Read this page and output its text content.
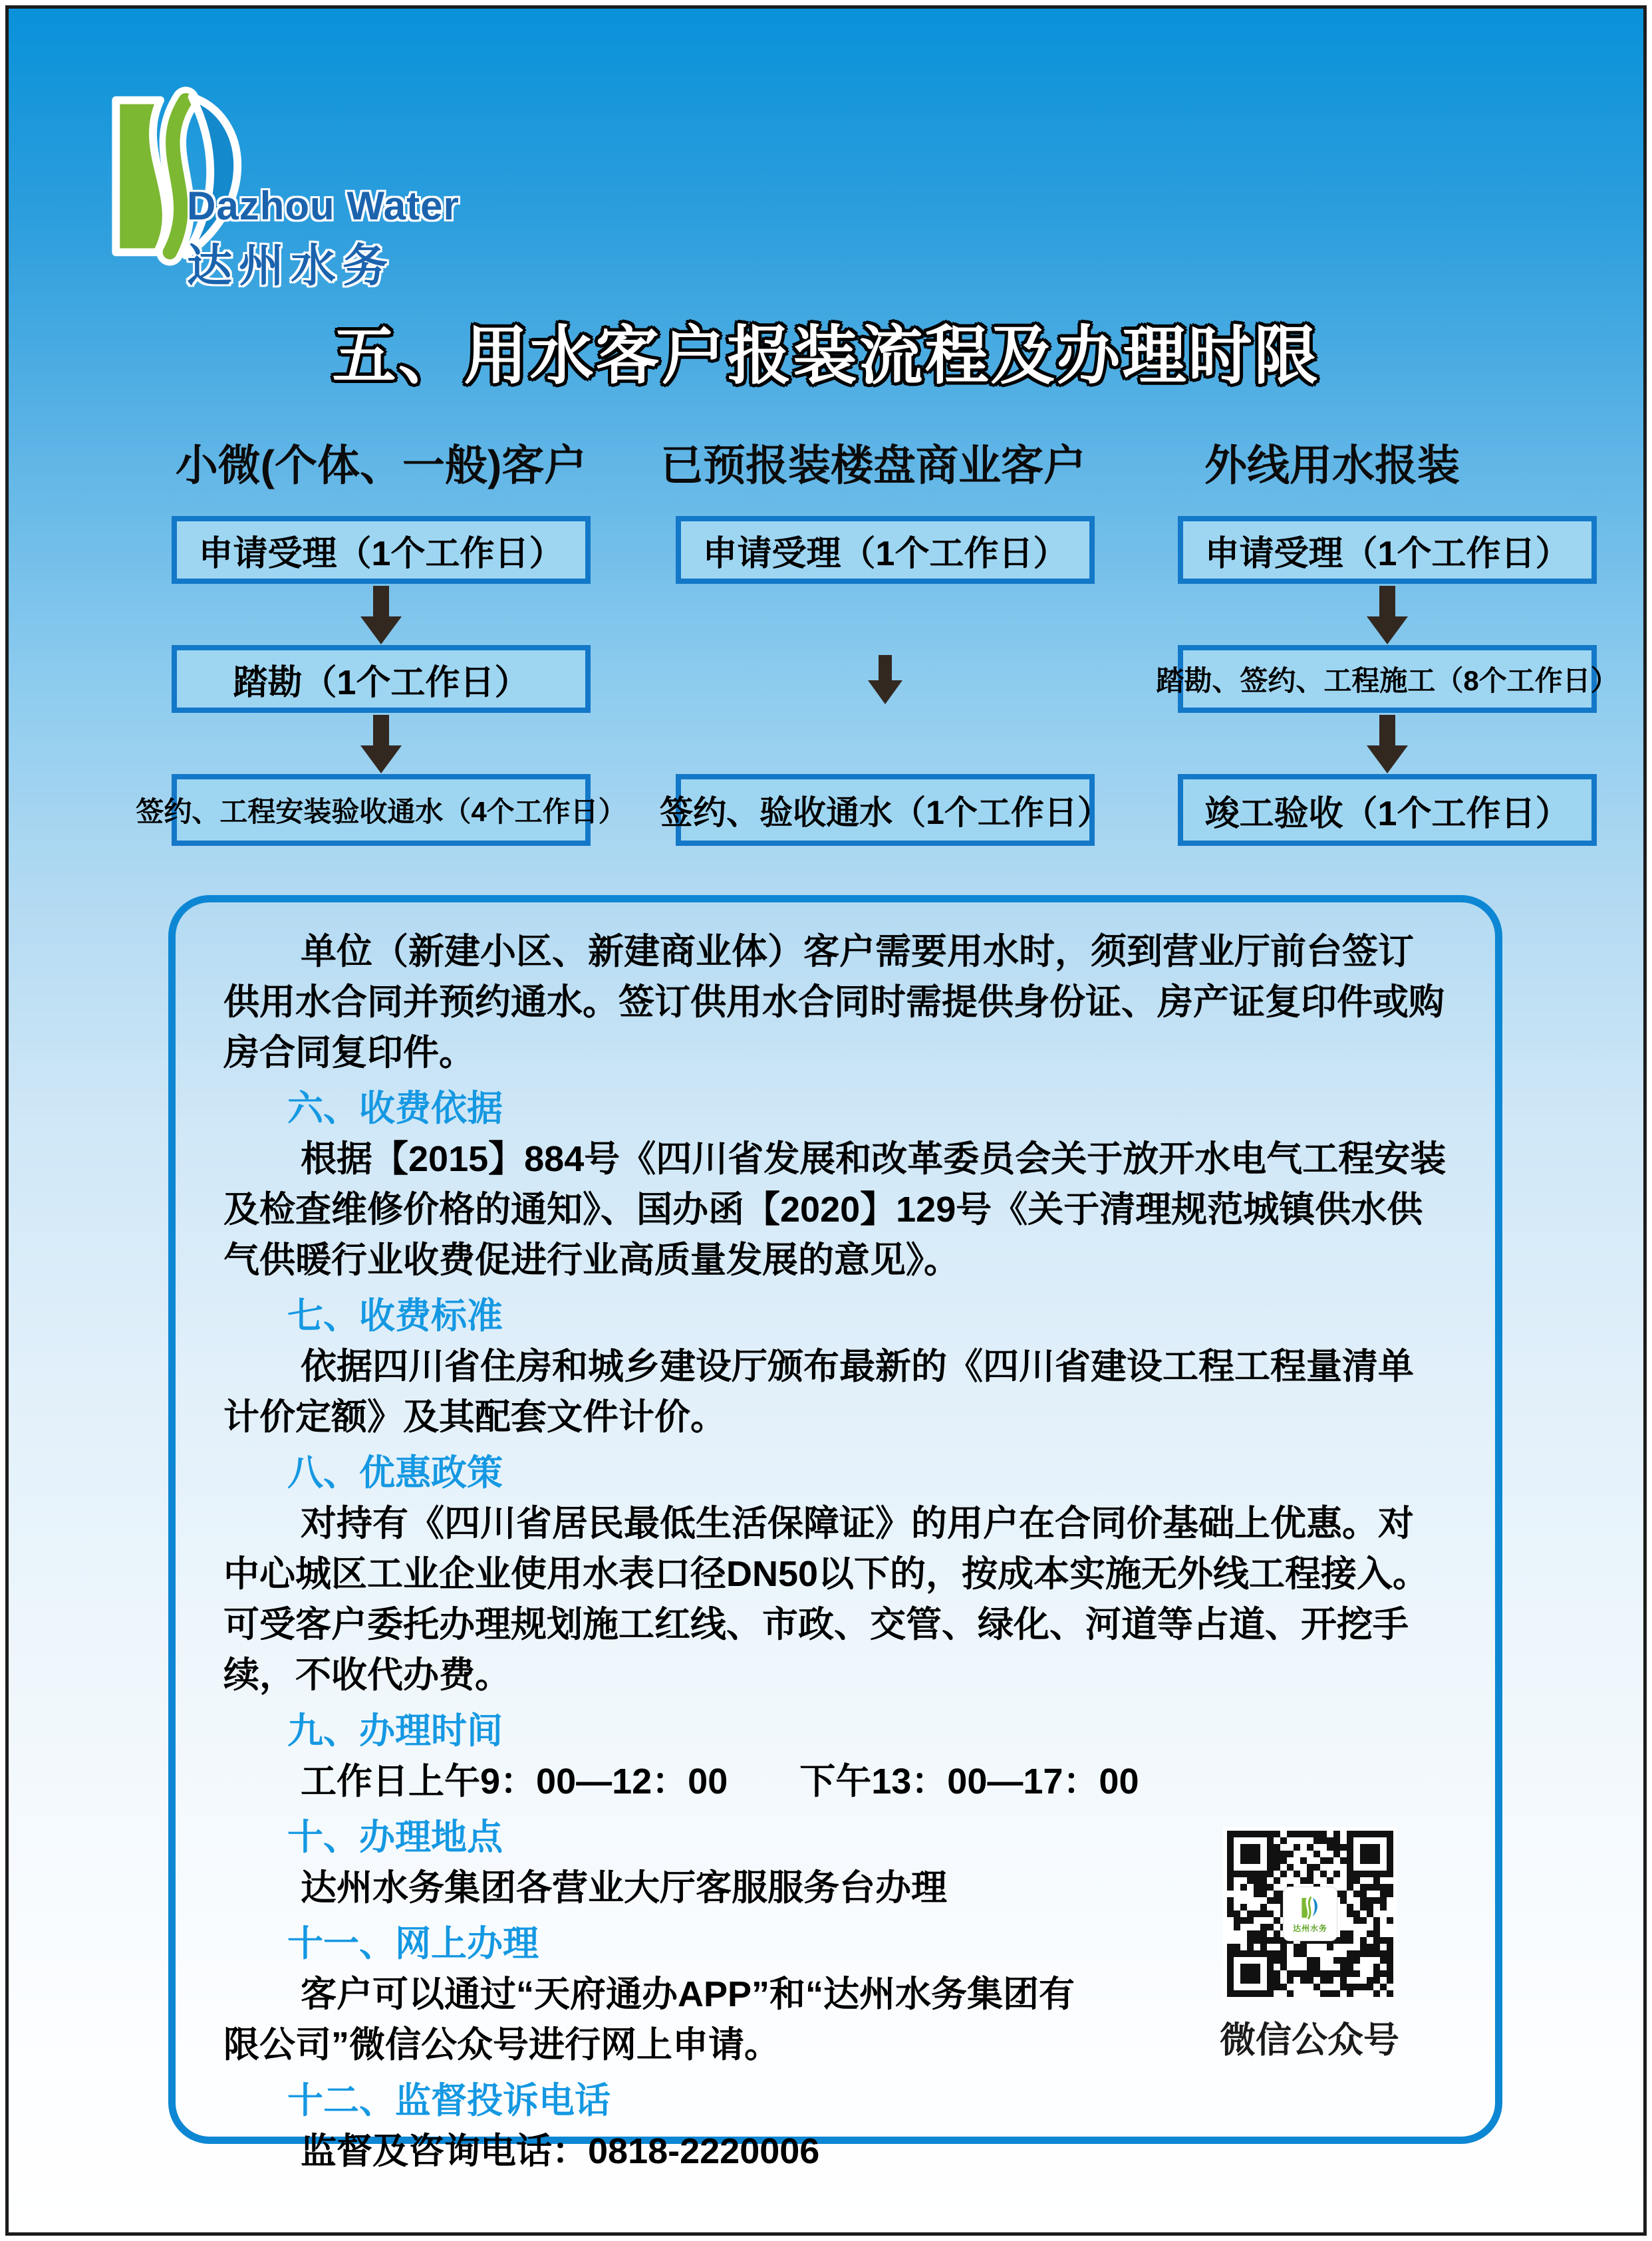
Dazhou Water
达州水务
五、用水客户报装流程及办理时限
小微(个体、一般)客户	已预报装楼盘商业客户	外线用水报装
申请受理（1个工作日）
踏勘（1个工作日）
签约、工程安装验收通水（4个工作日）
申请受理（1个工作日）
签约、验收通水（1个工作日）
申请受理（1个工作日）
踏勘、签约、工程施工（8个工作日）
竣工验收（1个工作日）

单位（新建小区、新建商业体）客户需要用水时，须到营业厅前台签订供用水合同并预约通水。签订供用水合同时需提供身份证、房产证复印件或购房合同复印件。

六、收费依据

根据【2015】884号《四川省发展和改革委员会关于放开水电气工程安装及检查维修价格的通知》、国办函【2020】129号《关于清理规范城镇供水供气供暖行业收费促进行业高质量发展的意见》。

七、收费标准

依据四川省住房和城乡建设厅颁布最新的《四川省建设工程工程量清单计价定额》及其配套文件计价。

八、优惠政策

对持有《四川省居民最低生活保障证》的用户在合同价基础上优惠。对中心城区工业企业使用水表口径DN50以下的，按成本实施无外线工程接入。可受客户委托办理规划施工红线、市政、交管、绿化、河道等占道、开挖手续，不收代办费。

九、办理时间

工作日上午9：00—12：00　　下午13：00—17：00

十、办理地点

达州水务集团各营业大厅客服服务台办理

十一、网上办理

客户可以通过“天府通办APP”和“达州水务集团有限公司”微信公众号进行网上申请。

十二、监督投诉电话

监督及咨询电话：0818-2220006

达州水务
微信公众号
